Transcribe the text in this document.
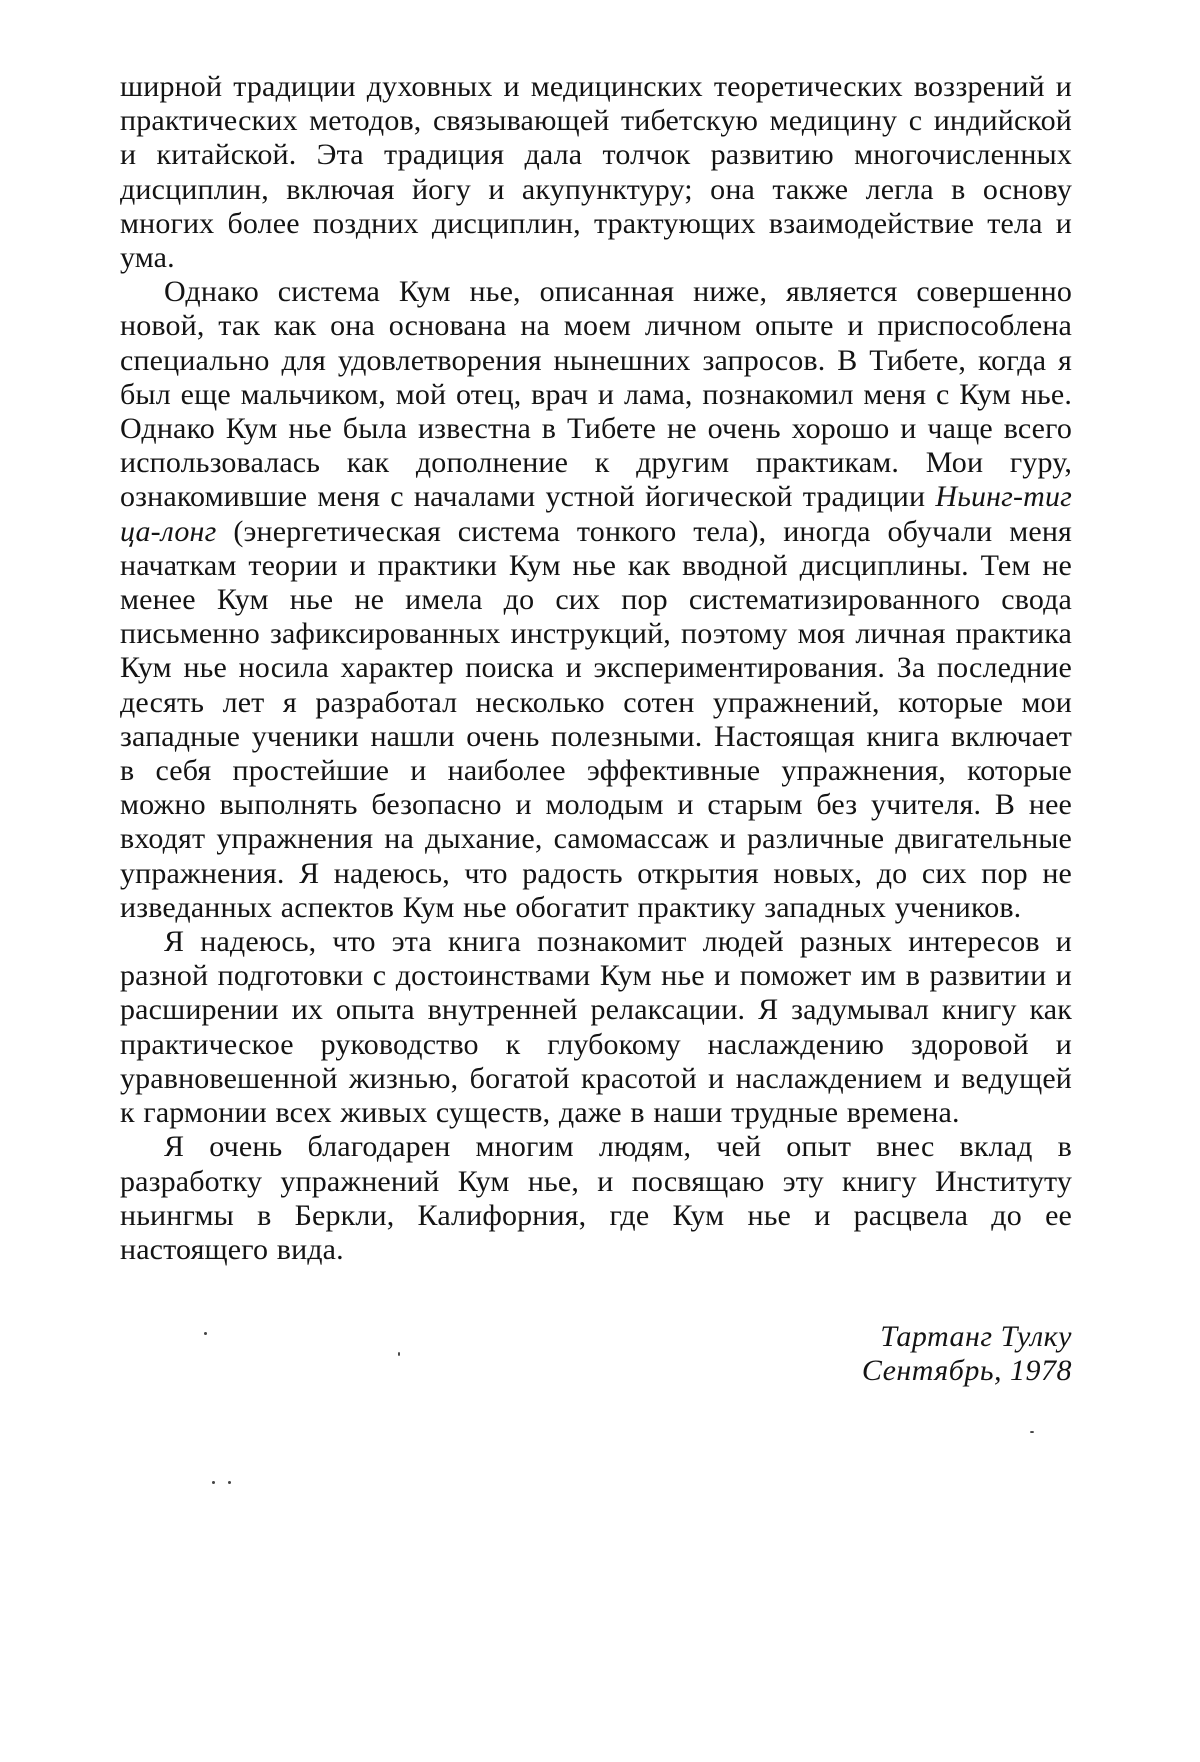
ширной традиции духовных и медицинских теоретических воззрений и практических методов, связывающей тибетскую медицину с индийской и китайской. Эта традиция дала толчок развитию многочисленных дисциплин, включая йогу и акупунктуру; она также легла в основу многих более поздних дисциплин, трактующих взаимодействие тела и ума.

Однако система Кум нье, описанная ниже, является совершенно новой, так как она основана на моем личном опыте и приспособлена специально для удовлетворения нынешних запросов. В Тибете, когда я был еще мальчиком, мой отец, врач и лама, познакомил меня с Кум нье. Однако Кум нье была известна в Тибете не очень хорошо и чаще всего использовалась как дополнение к другим практикам. Мои гуру, ознакомившие меня с началами устной йогической традиции Ньинг-тиг ца-лонг (энергетическая система тонкого тела), иногда обучали меня начаткам теории и практики Кум нье как вводной дисциплины. Тем не менее Кум нье не имела до сих пор систематизированного свода письменно зафиксированных инструкций, поэтому моя личная практика Кум нье носила характер поиска и экспериментирования. За последние десять лет я разработал несколько сотен упражнений, которые мои западные ученики нашли очень полезными. Настоящая книга включает в себя простейшие и наиболее эффективные упражнения, которые можно выполнять безопасно и молодым и старым без учителя. В нее входят упражнения на дыхание, самомассаж и различные двигательные упражнения. Я надеюсь, что радость открытия новых, до сих пор не изведанных аспектов Кум нье обогатит практику западных учеников.

Я надеюсь, что эта книга познакомит людей разных интересов и разной подготовки с достоинствами Кум нье и поможет им в развитии и расширении их опыта внутренней релаксации. Я задумывал книгу как практическое руководство к глубокому наслаждению здоровой и уравновешенной жизнью, богатой красотой и наслаждением и ведущей к гармонии всех живых существ, даже в наши трудные времена.

Я очень благодарен многим людям, чей опыт внес вклад в разработку упражнений Кум нье, и посвящаю эту книгу Институту ньингмы в Беркли, Калифорния, где Кум нье и расцвела до ее настоящего вида.

Тартанг Тулку
Сентябрь, 1978
